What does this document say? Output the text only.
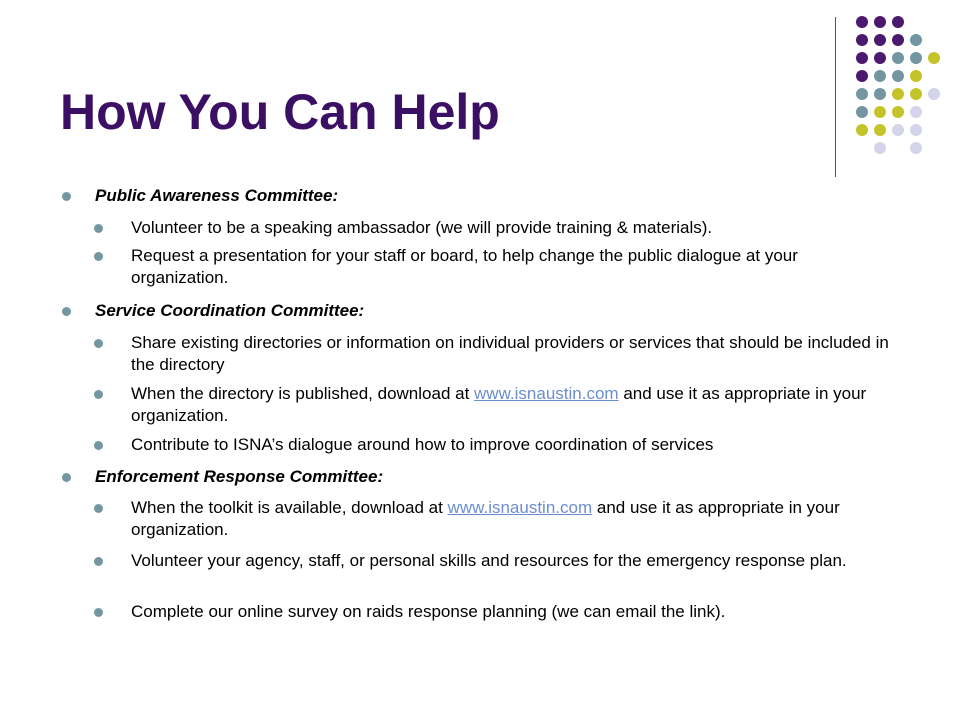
How You Can Help
Public Awareness Committee:
Volunteer to be a speaking ambassador (we will provide training & materials).
Request a presentation for your staff or board, to help change the public dialogue at your organization.
Service Coordination Committee:
Share existing directories or information on individual providers or services that should be included in the directory
When the directory is published, download at www.isnaustin.com and use it as appropriate in your organization.
Contribute to ISNA’s dialogue around how to improve coordination of services
Enforcement Response Committee:
When the toolkit is available, download at www.isnaustin.com and use it as appropriate in your organization.
Volunteer your agency, staff, or personal skills and resources for the emergency response plan.
Complete our online survey on raids response planning (we can email the link).
